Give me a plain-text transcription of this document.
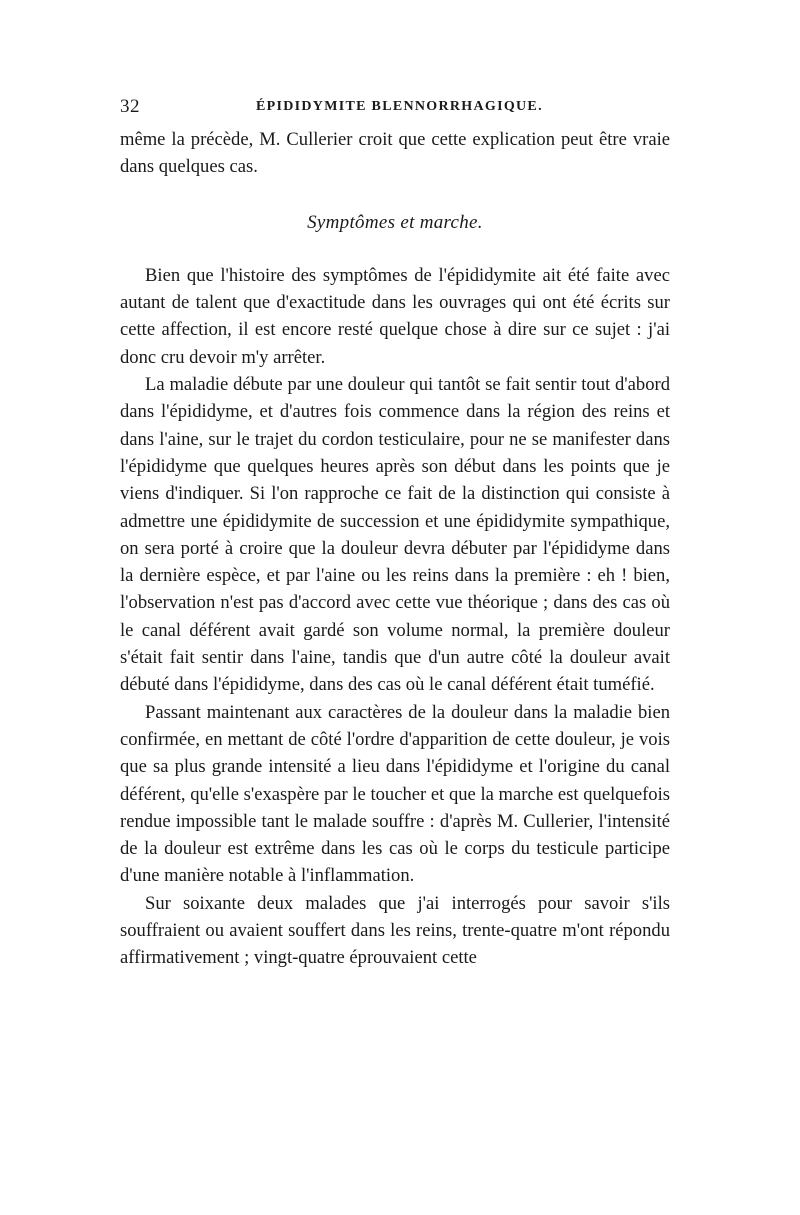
32	ÉPIDIDYMITE BLENNORRHAGIQUE.

même la précède, M. Cullerier croit que cette explication peut être vraie dans quelques cas.

Symptômes et marche.

Bien que l'histoire des symptômes de l'épididymite ait été faite avec autant de talent que d'exactitude dans les ouvrages qui ont été écrits sur cette affection, il est encore resté quelque chose à dire sur ce sujet : j'ai donc cru devoir m'y arrêter.

La maladie débute par une douleur qui tantôt se fait sentir tout d'abord dans l'épididyme, et d'autres fois commence dans la région des reins et dans l'aine, sur le trajet du cordon testiculaire, pour ne se manifester dans l'épididyme que quelques heures après son début dans les points que je viens d'indiquer. Si l'on rapproche ce fait de la distinction qui consiste à admettre une épididymite de succession et une épididymite sympathique, on sera porté à croire que la douleur devra débuter par l'épididyme dans la dernière espèce, et par l'aine ou les reins dans la première : eh ! bien, l'observation n'est pas d'accord avec cette vue théorique ; dans des cas où le canal déférent avait gardé son volume normal, la première douleur s'était fait sentir dans l'aine, tandis que d'un autre côté la douleur avait débuté dans l'épididyme, dans des cas où le canal déférent était tuméfié.

Passant maintenant aux caractères de la douleur dans la maladie bien confirmée, en mettant de côté l'ordre d'apparition de cette douleur, je vois que sa plus grande intensité a lieu dans l'épididyme et l'origine du canal déférent, qu'elle s'exaspère par le toucher et que la marche est quelquefois rendue impossible tant le malade souffre : d'après M. Cullerier, l'intensité de la douleur est extrême dans les cas où le corps du testicule participe d'une manière notable à l'inflammation.

Sur soixante deux malades que j'ai interrogés pour savoir s'ils souffraient ou avaient souffert dans les reins, trente-quatre m'ont répondu affirmativement ; vingt-quatre éprouvaient cette
